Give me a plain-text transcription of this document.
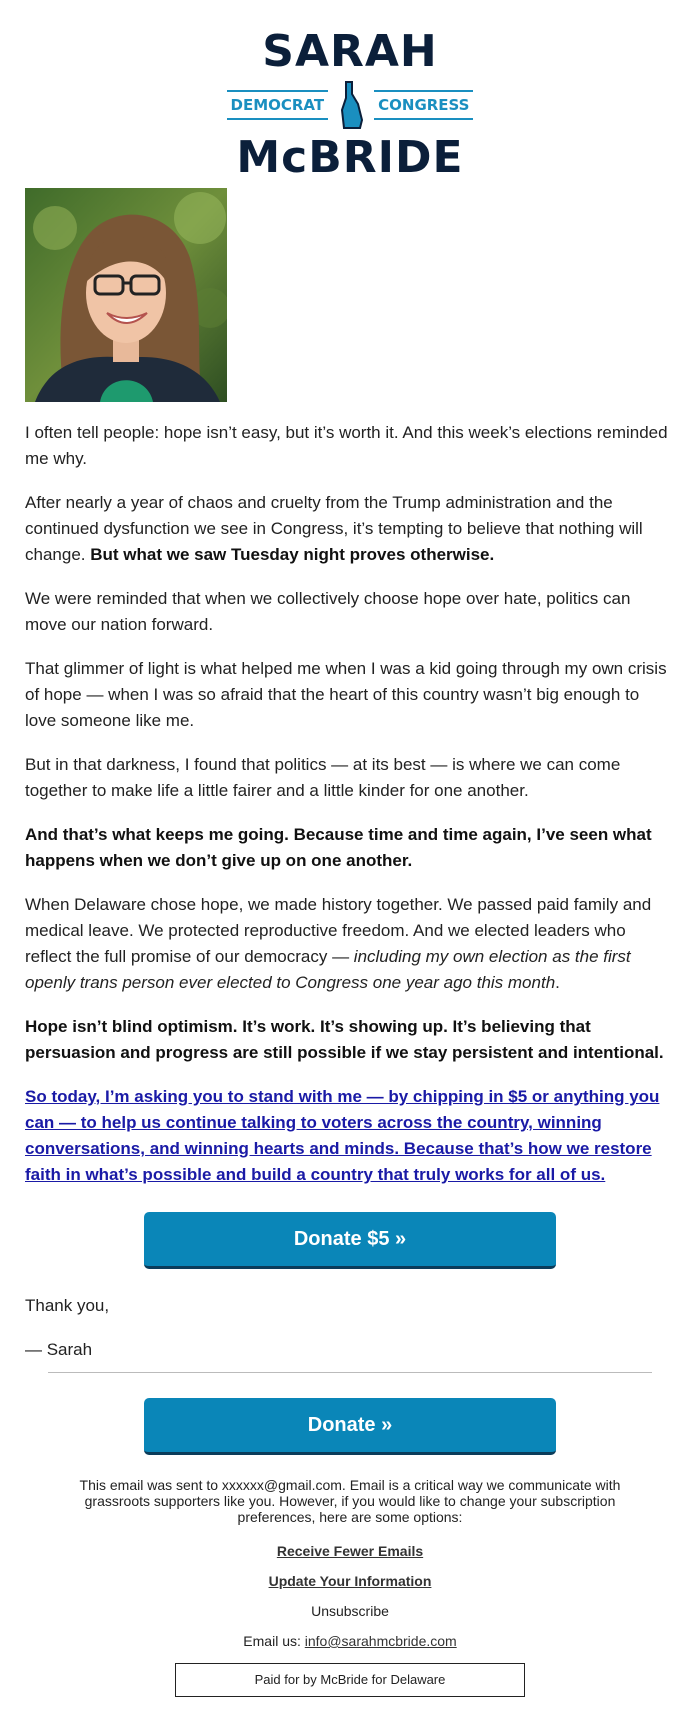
SARAH
DEMOCRAT	CONGRESS
McBRIDE

I often tell people: hope isn’t easy, but it’s worth it. And this week’s elections reminded me why.

After nearly a year of chaos and cruelty from the Trump administration and the continued dysfunction we see in Congress, it’s tempting to believe that nothing will change. But what we saw Tuesday night proves otherwise.

We were reminded that when we collectively choose hope over hate, politics can move our nation forward.

That glimmer of light is what helped me when I was a kid going through my own crisis of hope — when I was so afraid that the heart of this country wasn’t big enough to love someone like me.

But in that darkness, I found that politics — at its best — is where we can come together to make life a little fairer and a little kinder for one another.

And that’s what keeps me going. Because time and time again, I’ve seen what happens when we don’t give up on one another.

When Delaware chose hope, we made history together. We passed paid family and medical leave. We protected reproductive freedom. And we elected leaders who reflect the full promise of our democracy — including my own election as the first openly trans person ever elected to Congress one year ago this month.

Hope isn’t blind optimism. It’s work. It’s showing up. It’s believing that persuasion and progress are still possible if we stay persistent and intentional.

So today, I’m asking you to stand with me — by chipping in $5 or anything you can — to help us continue talking to voters across the country, winning conversations, and winning hearts and minds. Because that’s how we restore faith in what’s possible and build a country that truly works for all of us.

Donate $5 »

Thank you,

— Sarah

Donate »
This email was sent to xxxxxx@gmail.com. Email is a critical way we communicate with grassroots supporters like you. However, if you would like to change your subscription preferences, here are some options:
Receive Fewer Emails
Update Your Information
Unsubscribe
Email us: info@sarahmcbride.com
Paid for by McBride for Delaware
